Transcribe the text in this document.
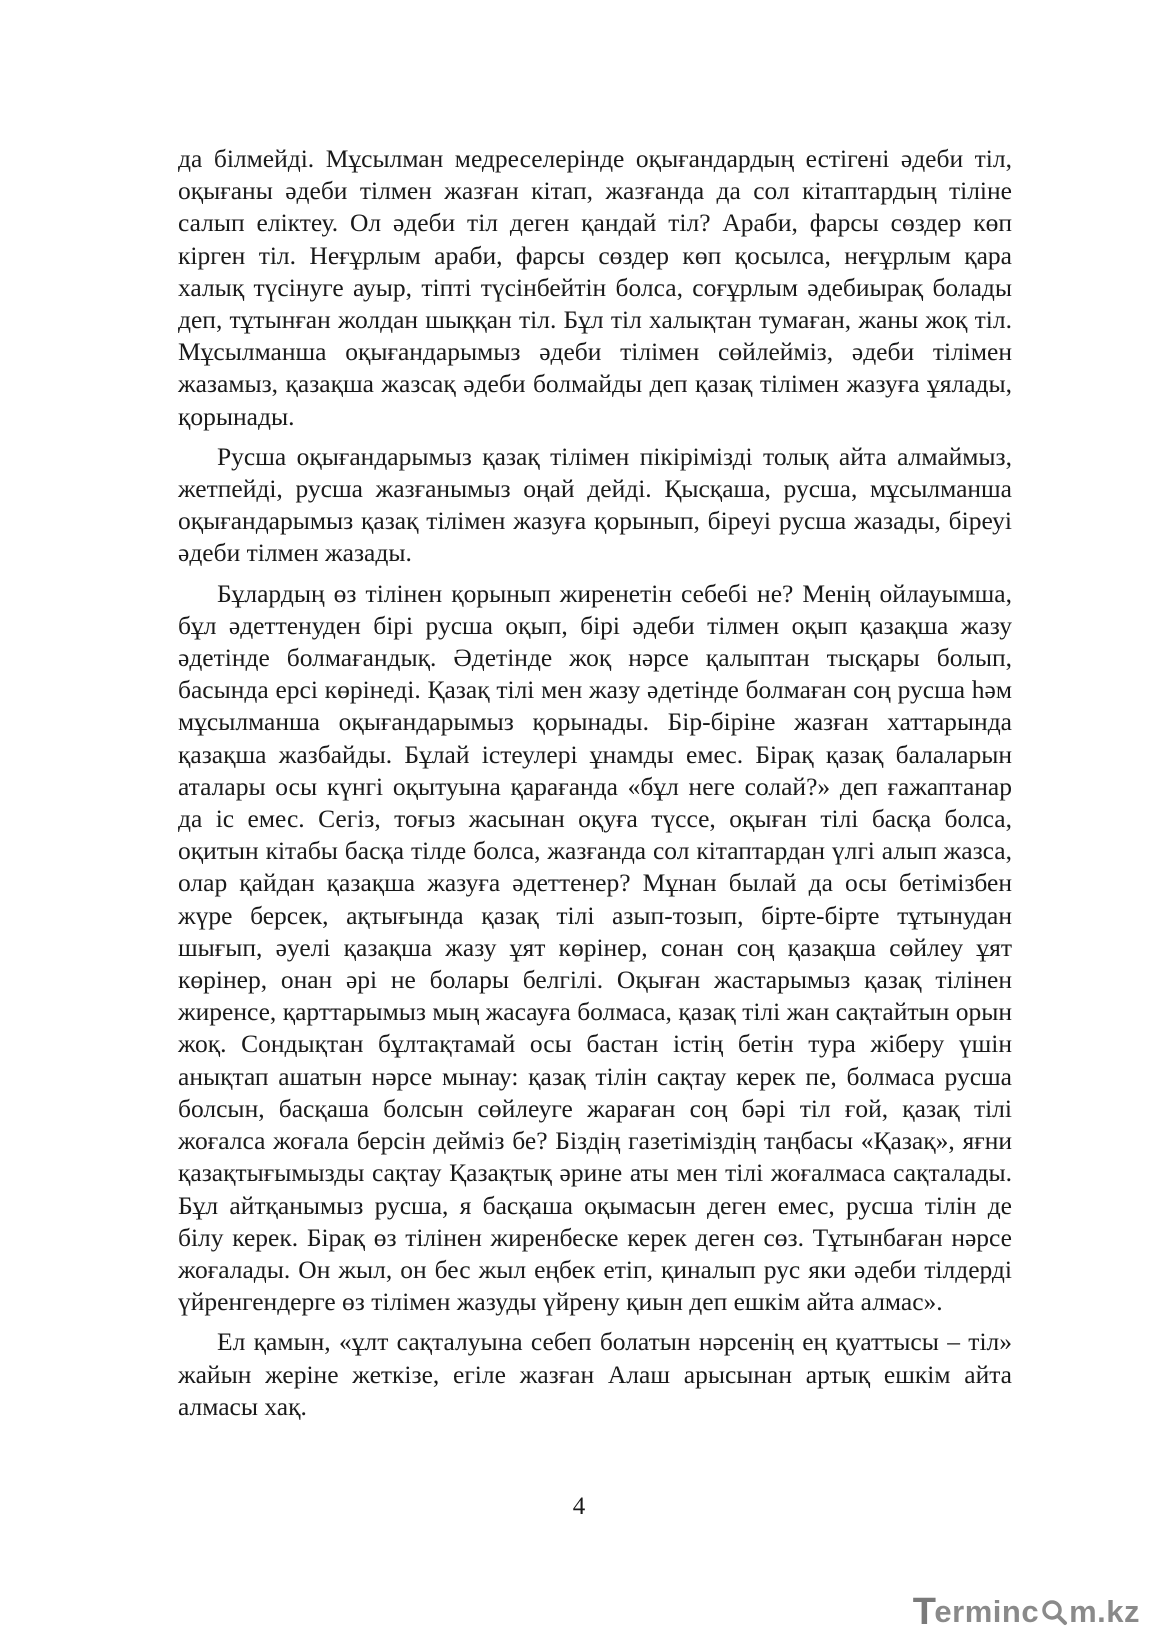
да білмейді. Мұсылман медреселерінде оқығандардың естігені әдеби тіл, оқығаны әдеби тілмен жазған кітап, жазғанда да сол кітаптардың тіліне салып еліктеу. Ол әдеби тіл деген қандай тіл? Араби, фарсы сөздер көп кірген тіл. Неғұрлым араби, фарсы сөздер көп қосылса, неғұрлым қара халық түсінуге ауыр, тіпті түсінбейтін болса, соғұрлым әдебиырақ болады деп, тұтынған жолдан шыққан тіл. Бұл тіл халықтан тумаған, жаны жоқ тіл. Мұсылманша оқығандарымыз әдеби тілімен сөйлейміз, әдеби тілімен жазамыз, қазақша жазсақ әдеби болмайды деп қазақ тілімен жазуға ұялады, қорынады.

Русша оқығандарымыз қазақ тілімен пікірімізді толық айта алмаймыз, жетпейді, русша жазғанымыз оңай дейді. Қысқаша, русша, мұсылманша оқығандарымыз қазақ тілімен жазуға қорынып, біреуі русша жазады, біреуі әдеби тілмен жазады.

Бұлардың өз тілінен қорынып жиренетін себебі не? Менің ойлауымша, бұл әдеттенуден бірі русша оқып, бірі әдеби тілмен оқып қазақша жазу әдетінде болмағандық. Әдетінде жоқ нәрсе қалыптан тысқары болып, басында ерсі көрінеді. Қазақ тілі мен жазу әдетінде болмаған соң русша һәм мұсылманша оқығандарымыз қорынады. Бір-біріне жазған хаттарында қазақша жазбайды. Бұлай істеулері ұнамды емес. Бірақ қазақ балаларын аталары осы күнгі оқытуына қарағанда «бұл неге солай?» деп ғажаптанар да іс емес. Сегіз, тоғыз жасынан оқуға түссе, оқыған тілі басқа болса, оқитын кітабы басқа тілде болса, жазғанда сол кітаптардан үлгі алып жазса, олар қайдан қазақша жазуға әдеттенер? Мұнан былай да осы бетімізбен жүре берсек, ақтығында қазақ тілі азып-тозып, бірте-бірте тұтынудан шығып, әуелі қазақша жазу ұят көрінер, сонан соң қазақша сөйлеу ұят көрінер, онан әрі не болары белгілі. Оқыған жастарымыз қазақ тілінен жиренсе, қарттарымыз мың жасауға болмаса, қазақ тілі жан сақтайтын орын жоқ. Сондықтан бұлтақтамай осы бастан істің бетін тура жіберу үшін анықтап ашатын нәрсе мынау: қазақ тілін сақтау керек пе, болмаса русша болсын, басқаша болсын сөйлеуге жараған соң бәрі тіл ғой, қазақ тілі жоғалса жоғала берсін дейміз бе? Біздің газетіміздің таңбасы «Қазақ», яғни қазақтығымызды сақтау Қазақтық әрине аты мен тілі жоғалмаса сақталады. Бұл айтқанымыз русша, я басқаша оқымасын деген емес, русша тілін де білу керек. Бірақ өз тілінен жиренбеске керек деген сөз. Тұтынбаған нәрсе жоғалады. Он жыл, он бес жыл еңбек етіп, қиналып рус яки әдеби тілдерді үйренгендерге өз тілімен жазуды үйрену қиын деп ешкім айта алмас».

Ел қамын, «ұлт сақталуына себеп болатын нәрсенің ең қуаттысы – тіл» жайын жеріне жеткізе, егіле жазған Алаш арысынан артық ешкім айта алмасы хақ.

4
T
erminc m.kz
